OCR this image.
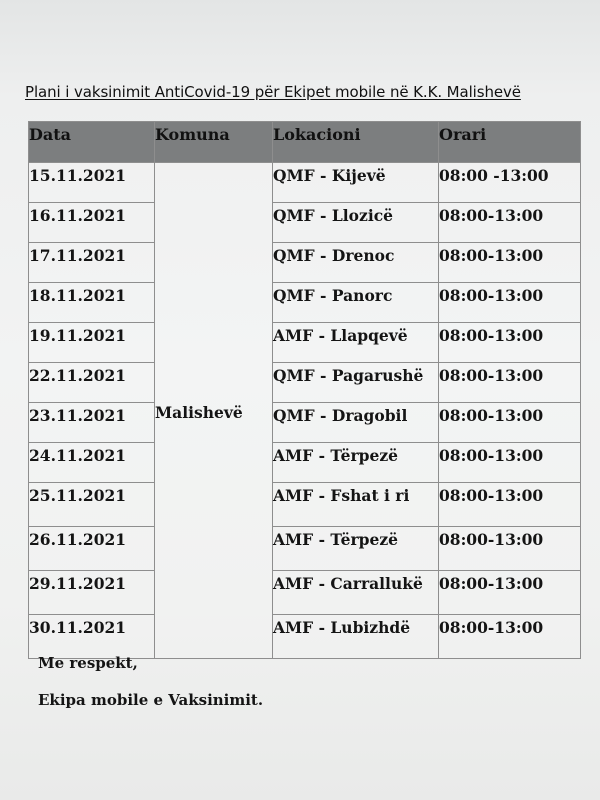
Plani i vaksinimit AntiCovid-19 për Ekipet mobile në K.K. Malishevë
Data	Komuna	Lokacioni	Orari
15.11.2021	Malishevë	QMF - Kijevë	08:00 -13:00
16.11.2021		QMF - Llozicë	08:00-13:00
17.11.2021		QMF - Drenoc	08:00-13:00
18.11.2021		QMF - Panorc	08:00-13:00
19.11.2021		AMF - Llapqevë	08:00-13:00
22.11.2021		QMF - Pagarushë	08:00-13:00
23.11.2021		QMF - Dragobil	08:00-13:00
24.11.2021		AMF - Tërpezë	08:00-13:00
25.11.2021		AMF - Fshat i ri	08:00-13:00
26.11.2021		AMF - Tërpezë	08:00-13:00
29.11.2021		AMF - Carrallukë	08:00-13:00
30.11.2021		AMF - Lubizhdë	08:00-13:00
Me respekt,
Ekipa mobile e Vaksinimit.
